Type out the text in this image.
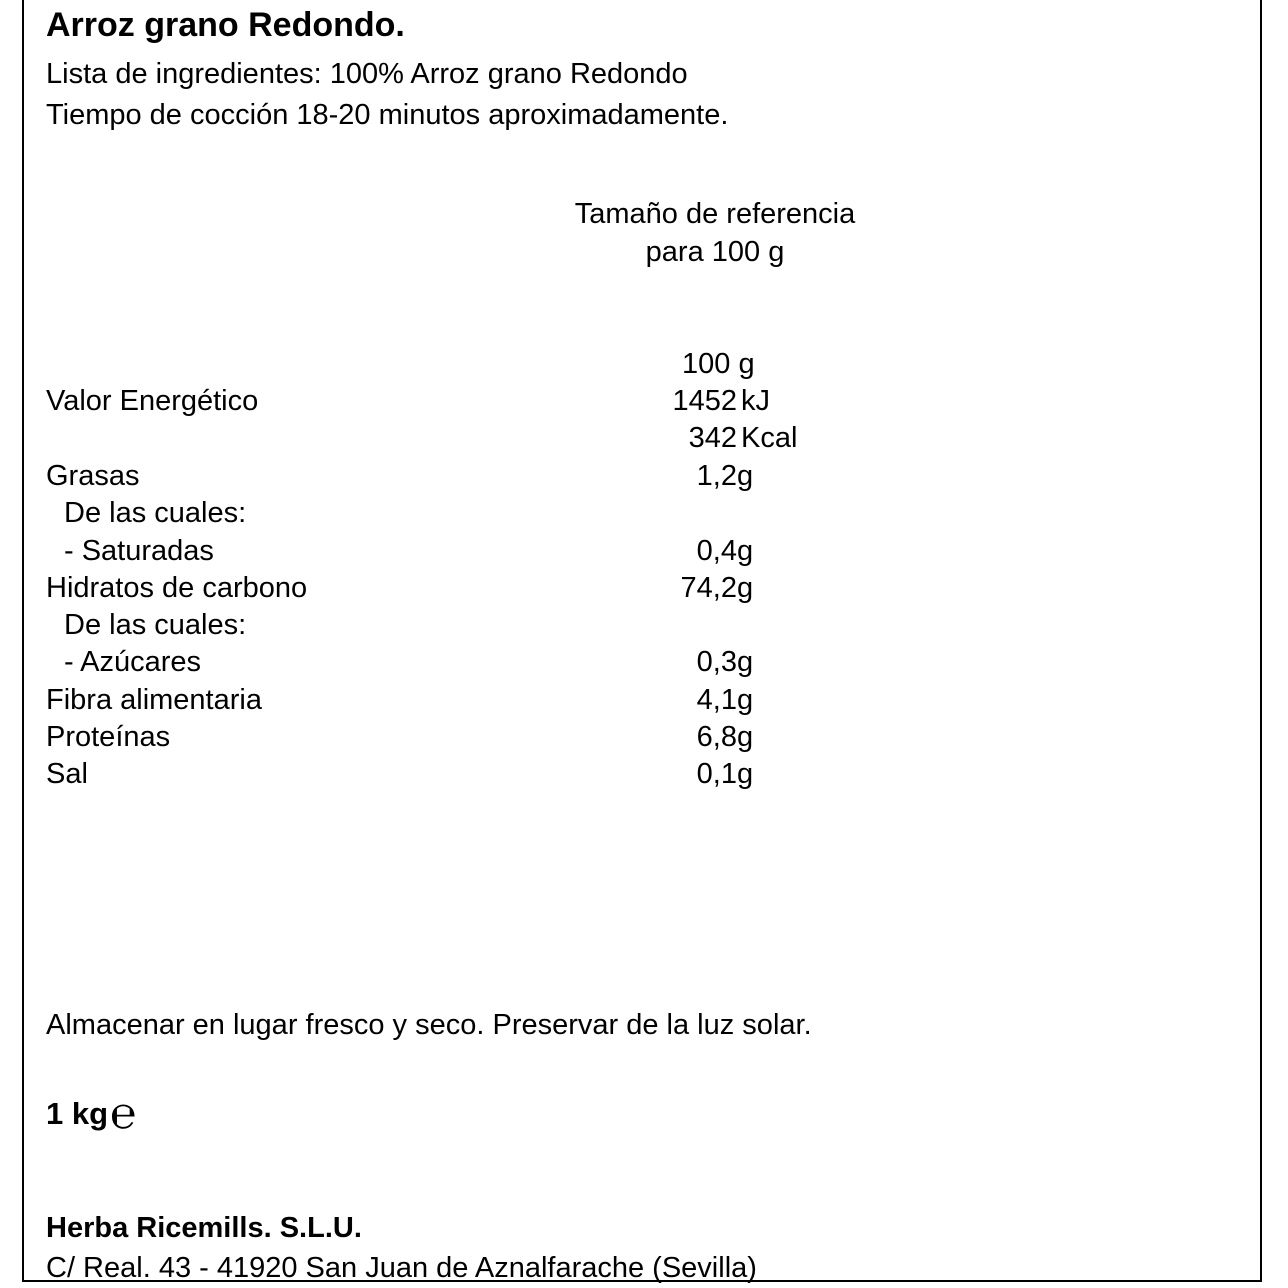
Arroz grano Redondo.
Lista de ingredientes: 100% Arroz grano Redondo
Tiempo de cocción 18-20 minutos aproximadamente.
Tamaño de referencia
para 100 g
100 g
Valor Energético	1452 kJ
342 Kcal
Grasas	1,2 g
De las cuales:
- Saturadas	0,4 g
Hidratos de carbono	74,2 g
De las cuales:
- Azúcares	0,3 g
Fibra alimentaria	4,1 g
Proteínas	6,8 g
Sal	0,1 g
Almacenar en lugar fresco y seco. Preservar de la luz solar.
1 kg℮
Herba Ricemills. S.L.U.
C/ Real. 43 - 41920 San Juan de Aznalfarache (Sevilla)
